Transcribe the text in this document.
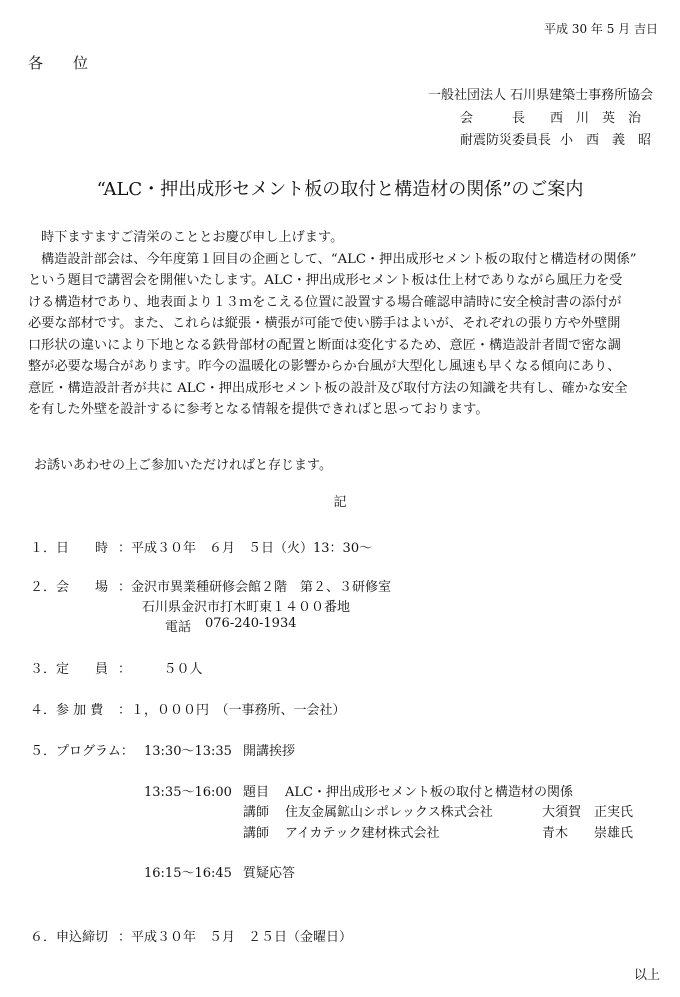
平成 30 年 5 月 吉日
各　　位
一般社団法人 石川県建築士事務所協会
会　　　長 西　川　英　治
耐震防災委員長 小　西　義　昭
“ALC・押出成形セメント板の取付と構造材の関係”のご案内

時下ますますご清栄のこととお慶び申し上げます。

構造設計部会は、今年度第１回目の企画として、“ALC・押出成形セメント板の取付と構造材の関係”

という題目で講習会を開催いたします。ALC・押出成形セメント板は仕上材でありながら風圧力を受

ける構造材であり、地表面より１３ｍをこえる位置に設置する場合確認申請時に安全検討書の添付が

必要な部材です。また、これらは縦張・横張が可能で使い勝手はよいが、それぞれの張り方や外壁開

口形状の違いにより下地となる鉄骨部材の配置と断面は変化するため、意匠・構造設計者間で密な調

整が必要な場合があります。昨今の温暖化の影響からか台風が大型化し風速も早くなる傾向にあり、

意匠・構造設計者が共に ALC・押出成形セメント板の設計及び取付方法の知識を共有し、確かな安全

を有した外壁を設計するに参考となる情報を提供できればと思っております。

お誘いあわせの上ご参加いただければと存じます。
記
１．日　　時 ：平成３０年　６月　５日（火）13：30～
２．会　　場 ：金沢市異業種研修会館２階　第２、３研修室
石川県金沢市打木町東１４００番地
電話 076-240-1934
３．定　　員 ：　　　５０人
４．参 加 費 ：１，０００円　（一事務所、一会社）
５．プログラム： 13:30～13:35 開講挨拶
13:35～16:00 題目 ALC・押出成形セメント板の取付と構造材の関係
講師 住友金属鉱山シポレックス株式会社	大須賀　正実氏
講師 アイカテック建材株式会社	青木　　崇雄氏
16:15～16:45 質疑応答
６．申込締切 ：平成３０年　５月　２５日（金曜日）
以上
